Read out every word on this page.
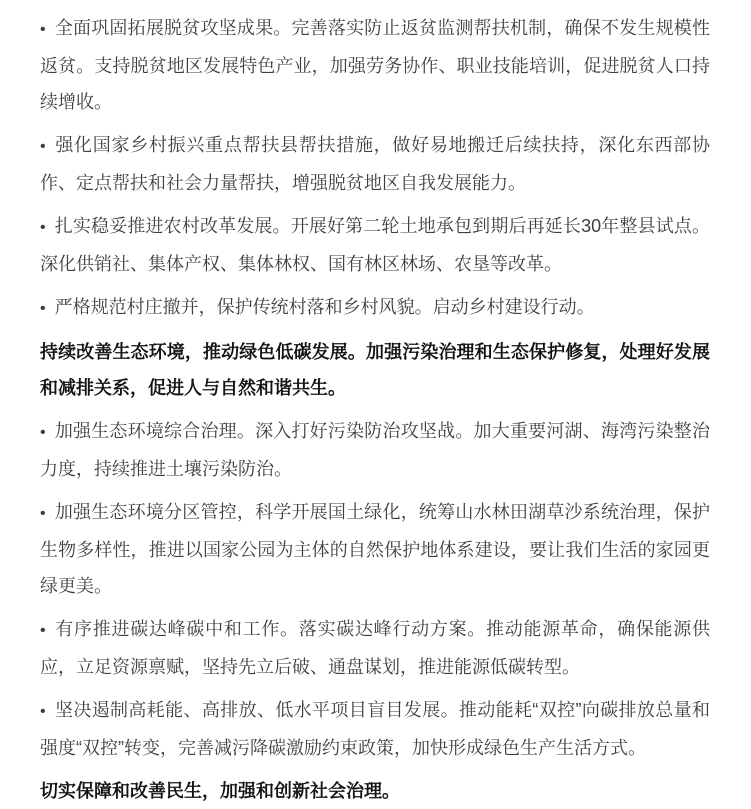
• 全面巩固拓展脱贫攻坚成果。完善落实防止返贫监测帮扶机制，确保不发生规模性返贫。支持脱贫地区发展特色产业，加强劳务协作、职业技能培训，促进脱贫人口持续增收。

• 强化国家乡村振兴重点帮扶县帮扶措施，做好易地搬迁后续扶持，深化东西部协作、定点帮扶和社会力量帮扶，增强脱贫地区自我发展能力。

• 扎实稳妥推进农村改革发展。开展好第二轮土地承包到期后再延长30年整县试点。深化供销社、集体产权、集体林权、国有林区林场、农垦等改革。

• 严格规范村庄撤并，保护传统村落和乡村风貌。启动乡村建设行动。

持续改善生态环境，推动绿色低碳发展。加强污染治理和生态保护修复，处理好发展和减排关系，促进人与自然和谐共生。

• 加强生态环境综合治理。深入打好污染防治攻坚战。加大重要河湖、海湾污染整治力度，持续推进土壤污染防治。

• 加强生态环境分区管控，科学开展国土绿化，统筹山水林田湖草沙系统治理，保护生物多样性，推进以国家公园为主体的自然保护地体系建设，要让我们生活的家园更绿更美。

• 有序推进碳达峰碳中和工作。落实碳达峰行动方案。推动能源革命，确保能源供应，立足资源禀赋，坚持先立后破、通盘谋划，推进能源低碳转型。

• 坚决遏制高耗能、高排放、低水平项目盲目发展。推动能耗“双控”向碳排放总量和强度“双控”转变，完善减污降碳激励约束政策，加快形成绿色生产生活方式。

切实保障和改善民生，加强和创新社会治理。
